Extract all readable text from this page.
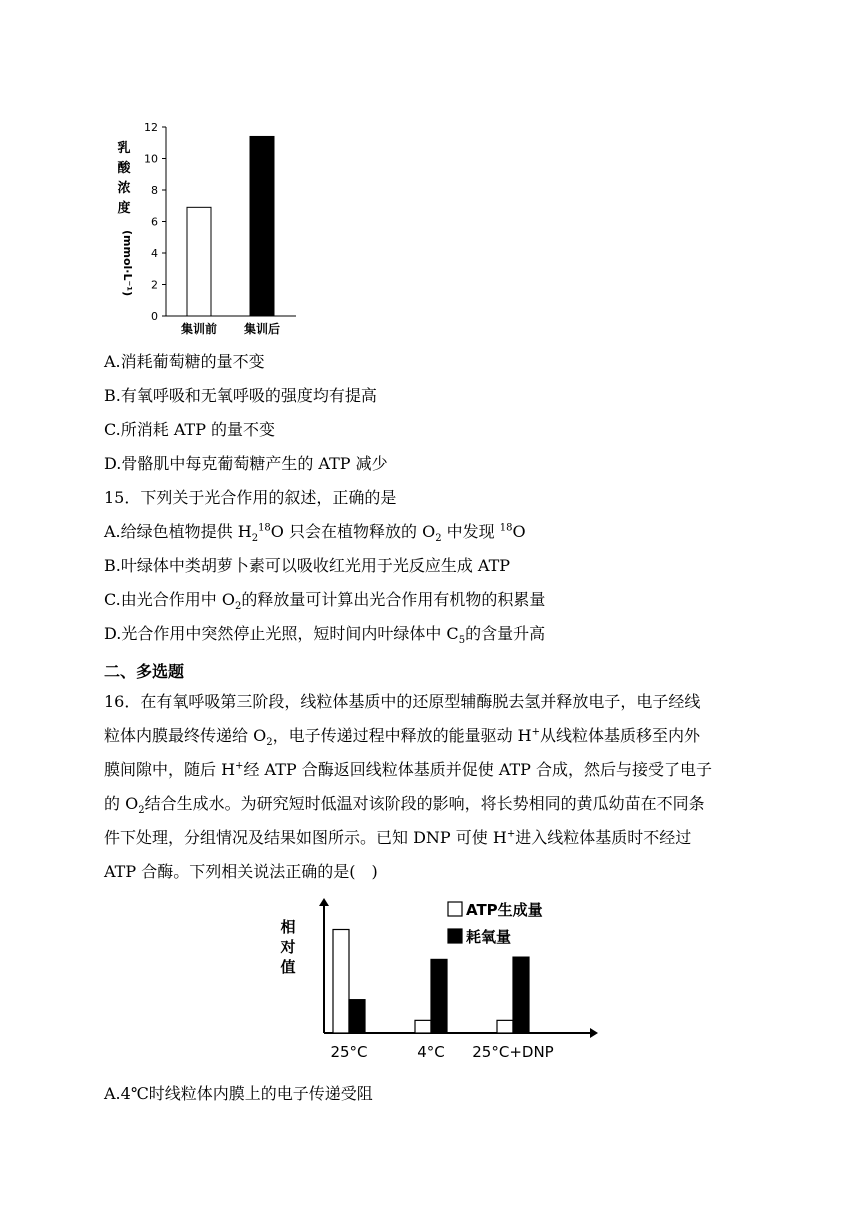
0
2
4
6
8
10
12
集训前 集训后
乳
酸
浓
度
(mmol·L⁻¹)
A.消耗葡萄糖的量不变
B.有氧呼吸和无氧呼吸的强度均有提高
C.所消耗 ATP 的量不变
D.骨骼肌中每克葡萄糖产生的 ATP 减少
15．下列关于光合作用的叙述，正确的是
A.给绿色植物提供 $H_2^{18}O$ 只会在植物释放的 $O_2$ 中发现 $^{18}$O
B.叶绿体中类胡萝卜素可以吸收红光用于光反应生成 ATP
C.由光合作用中 $O_2$的释放量可计算出光合作用有机物的积累量
D.光合作用中突然停止光照，短时间内叶绿体中 $C_5$的含量升高
二、多选题
16．在有氧呼吸第三阶段，线粒体基质中的还原型辅酶脱去氢并释放电子，电子经线
粒体内膜最终传递给 $O_2$，电子传递过程中释放的能量驱动 H+从线粒体基质移至内外
膜间隙中，随后 H+经 ATP 合酶返回线粒体基质并促使 ATP 合成，然后与接受了电子
的 $O_2$结合生成水。为研究短时低温对该阶段的影响，将长势相同的黄瓜幼苗在不同条
件下处理，分组情况及结果如图所示。已知 DNP 可使 H+进入线粒体基质时不经过
ATP 合酶。下列相关说法正确的是(　)
相
对
值
ATP生成量
耗氧量
25°C	4°C 25°C+DNP
A.4℃时线粒体内膜上的电子传递受阻
